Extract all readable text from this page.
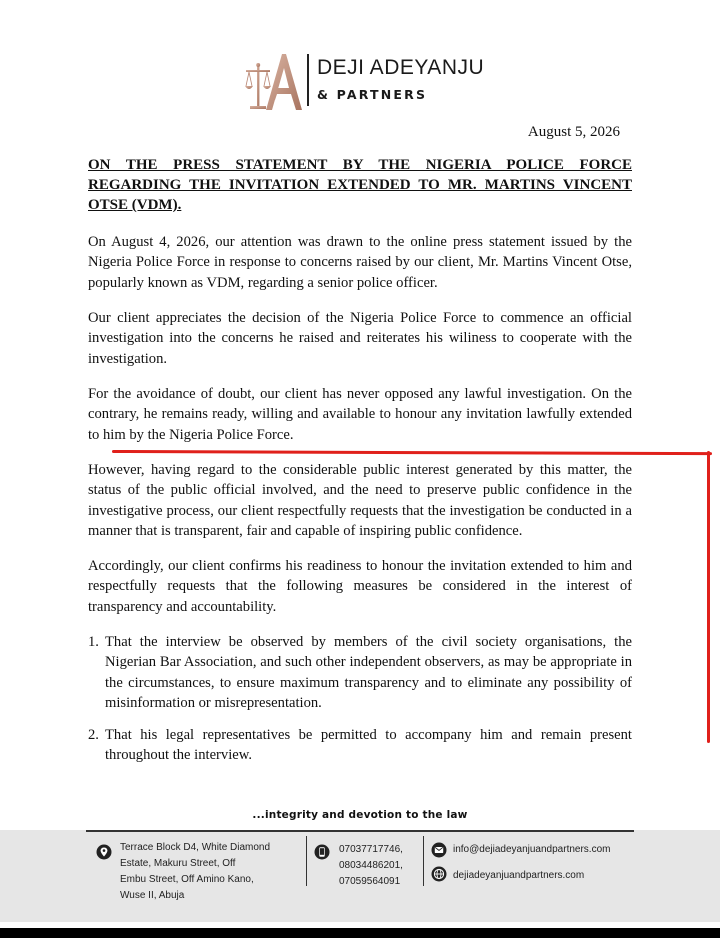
DEJI ADEYANJU
& PARTNERS
August 5, 2026
ON THE PRESS STATEMENT BY THE NIGERIA POLICE FORCE REGARDING THE INVITATION EXTENDED TO MR. MARTINS VINCENT OTSE (VDM).

On August 4, 2026, our attention was drawn to the online press statement issued by the Nigeria Police Force in response to concerns raised by our client, Mr. Martins Vincent Otse, popularly known as VDM, regarding a senior police officer.

Our client appreciates the decision of the Nigeria Police Force to commence an official investigation into the concerns he raised and reiterates his wiliness to cooperate with the investigation.

For the avoidance of doubt, our client has never opposed any lawful investigation. On the contrary, he remains ready, willing and available to honour any invitation lawfully extended to him by the Nigeria Police Force.

However, having regard to the considerable public interest generated by this matter, the status of the public official involved, and the need to preserve public confidence in the investigative process, our client respectfully requests that the investigation be conducted in a manner that is transparent, fair and capable of inspiring public confidence.

Accordingly, our client confirms his readiness to honour the invitation extended to him and respectfully requests that the following measures be considered in the interest of transparency and accountability.

1. That the interview be observed by members of the civil society organisations, the Nigerian Bar Association, and such other independent observers, as may be appropriate in the circumstances, to ensure maximum transparency and to eliminate any possibility of misinformation or misrepresentation.
2. That his legal representatives be permitted to accompany him and remain present throughout the interview.
...integrity and devotion to the law
Terrace Block D4, White Diamond
Estate, Makuru Street, Off
Embu Street, Off Amino Kano,
Wuse II, Abuja
07037717746,
08034486201,
07059564091
info@dejiadeyanjuandpartners.com
dejiadeyanjuandpartners.com
